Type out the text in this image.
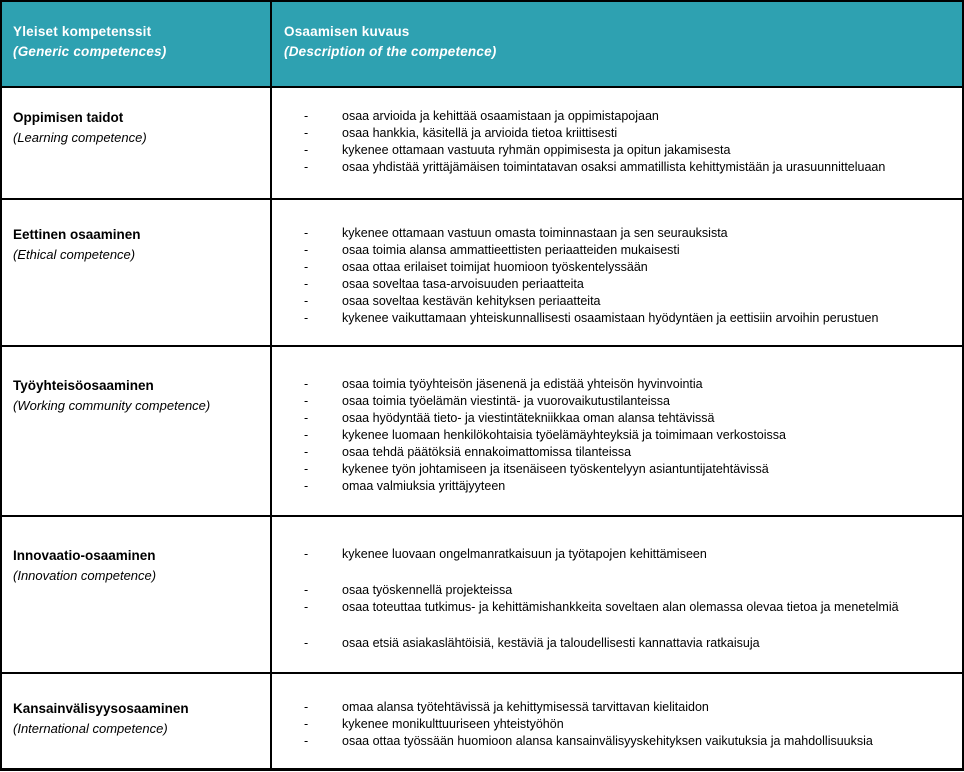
Yleiset kompetenssit
(Generic competences)
Osaamisen kuvaus
(Description of the competence)
Oppimisen taidot
(Learning competence)
-	osaa arvioida ja kehittää osaamistaan ja oppimistapojaan
-	osaa hankkia, käsitellä ja arvioida tietoa kriittisesti
-	kykenee ottamaan vastuuta ryhmän oppimisesta ja opitun jakamisesta
-	osaa yhdistää yrittäjämäisen toimintatavan osaksi ammatillista kehittymistään ja urasuunnitteluaan
Eettinen osaaminen
(Ethical competence)
-	kykenee ottamaan vastuun omasta toiminnastaan ja sen seurauksista
-	osaa toimia alansa ammattieettisten periaatteiden mukaisesti
-	osaa ottaa erilaiset toimijat huomioon työskentelyssään
-	osaa soveltaa tasa-arvoisuuden periaatteita
-	osaa soveltaa kestävän kehityksen periaatteita
-	kykenee vaikuttamaan yhteiskunnallisesti osaamistaan hyödyntäen ja eettisiin arvoihin perustuen
Työyhteisöosaaminen
(Working community competence)
-	osaa toimia työyhteisön jäsenenä ja edistää yhteisön hyvinvointia
-	osaa toimia työelämän viestintä- ja vuorovaikutustilanteissa
-	osaa hyödyntää tieto- ja viestintätekniikkaa oman alansa tehtävissä
-	kykenee luomaan henkilökohtaisia työelämäyhteyksiä ja toimimaan verkostoissa
-	osaa tehdä päätöksiä ennakoimattomissa tilanteissa
-	kykenee työn johtamiseen ja itsenäiseen työskentelyyn asiantuntijatehtävissä
-	omaa valmiuksia yrittäjyyteen
Innovaatio-osaaminen
(Innovation competence)
-	kykenee luovaan ongelmanratkaisuun ja työtapojen kehittämiseen
-	osaa työskennellä projekteissa
-	osaa toteuttaa tutkimus- ja kehittämishankkeita soveltaen alan olemassa olevaa tietoa ja menetelmiä
-	osaa etsiä asiakaslähtöisiä, kestäviä ja taloudellisesti kannattavia ratkaisuja
Kansainvälisyysosaaminen
(International competence)
-	omaa alansa työtehtävissä ja kehittymisessä tarvittavan kielitaidon
-	kykenee monikulttuuriseen yhteistyöhön
-	osaa ottaa työssään huomioon alansa kansainvälisyyskehityksen vaikutuksia ja mahdollisuuksia
